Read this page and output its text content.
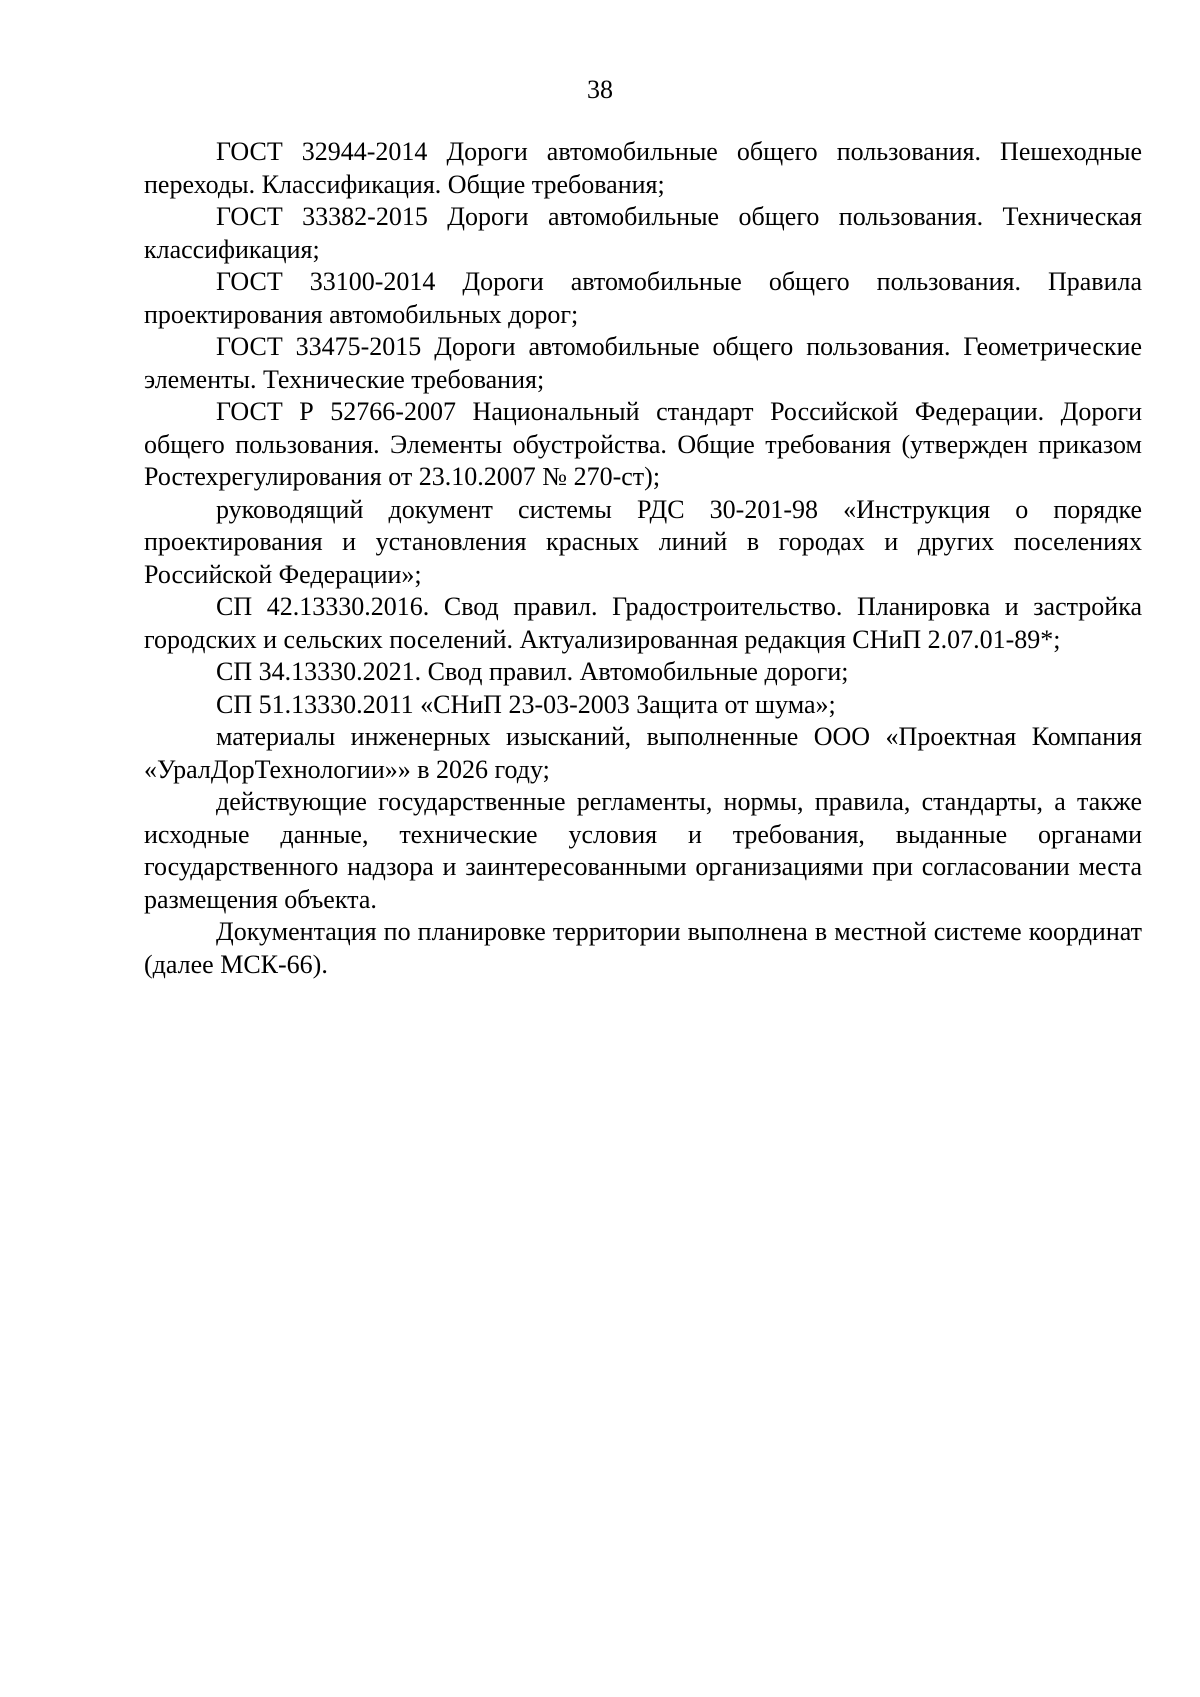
38

ГОСТ 32944-2014 Дороги автомобильные общего пользования. Пешеходные переходы. Классификация. Общие требования;

ГОСТ 33382-2015 Дороги автомобильные общего пользования. Техническая классификация;

ГОСТ 33100-2014 Дороги автомобильные общего пользования. Правила проектирования автомобильных дорог;

ГОСТ 33475-2015 Дороги автомобильные общего пользования. Геометрические элементы. Технические требования;

ГОСТ Р 52766-2007 Национальный стандарт Российской Федерации. Дороги общего пользования. Элементы обустройства. Общие требования (утвержден приказом Ростехрегулирования от 23.10.2007 № 270-ст);

руководящий документ системы РДС 30-201-98 «Инструкция о порядке проектирования и установления красных линий в городах и других поселениях Российской Федерации»;

СП 42.13330.2016. Свод правил. Градостроительство. Планировка и застройка городских и сельских поселений. Актуализированная редакция СНиП 2.07.01-89*;

СП 34.13330.2021. Свод правил. Автомобильные дороги;

СП 51.13330.2011 «СНиП 23-03-2003 Защита от шума»;

материалы инженерных изысканий, выполненные ООО «Проектная Компания «УралДорТехнологии»» в 2026 году;

действующие государственные регламенты, нормы, правила, стандарты, а также исходные данные, технические условия и требования, выданные органами государственного надзора и заинтересованными организациями при согласовании места размещения объекта.

Документация по планировке территории выполнена в местной системе координат (далее МСК-66).
